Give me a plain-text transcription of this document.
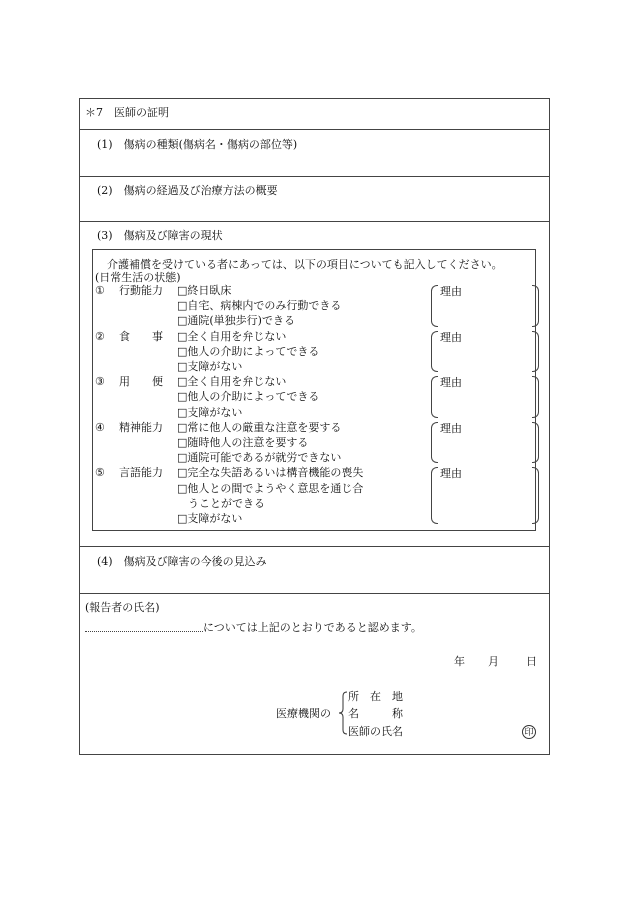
＊7　医師の証明
(1)　傷病の種類(傷病名・傷病の部位等)
(2)　傷病の経過及び治療方法の概要
(3)　傷病及び障害の現状
介護補償を受けている者にあっては、以下の項目についても記入してください。
(日常生活の状態)
① 行動能力 □終日臥床
□自宅、病棟内でのみ行動できる
□通院(単独歩行)できる
理由
② 食　　事 □全く自用を弁じない
□他人の介助によってできる
□支障がない
理由
③ 用　　便 □全く自用を弁じない
□他人の介助によってできる
□支障がない
理由
④ 精神能力 □常に他人の厳重な注意を要する
□随時他人の注意を要する
□通院可能であるが就労できない
理由
⑤ 言語能力 □完全な失語あるいは構音機能の喪失
□他人との間でようやく意思を通じ合
　うことができる
□支障がない
理由
(4)　傷病及び障害の今後の見込み
(報告者の氏名)
については上記のとおりであると認めます。
年 月 日
医療機関の
所　在　地
名　　　称
医師の氏名	印
